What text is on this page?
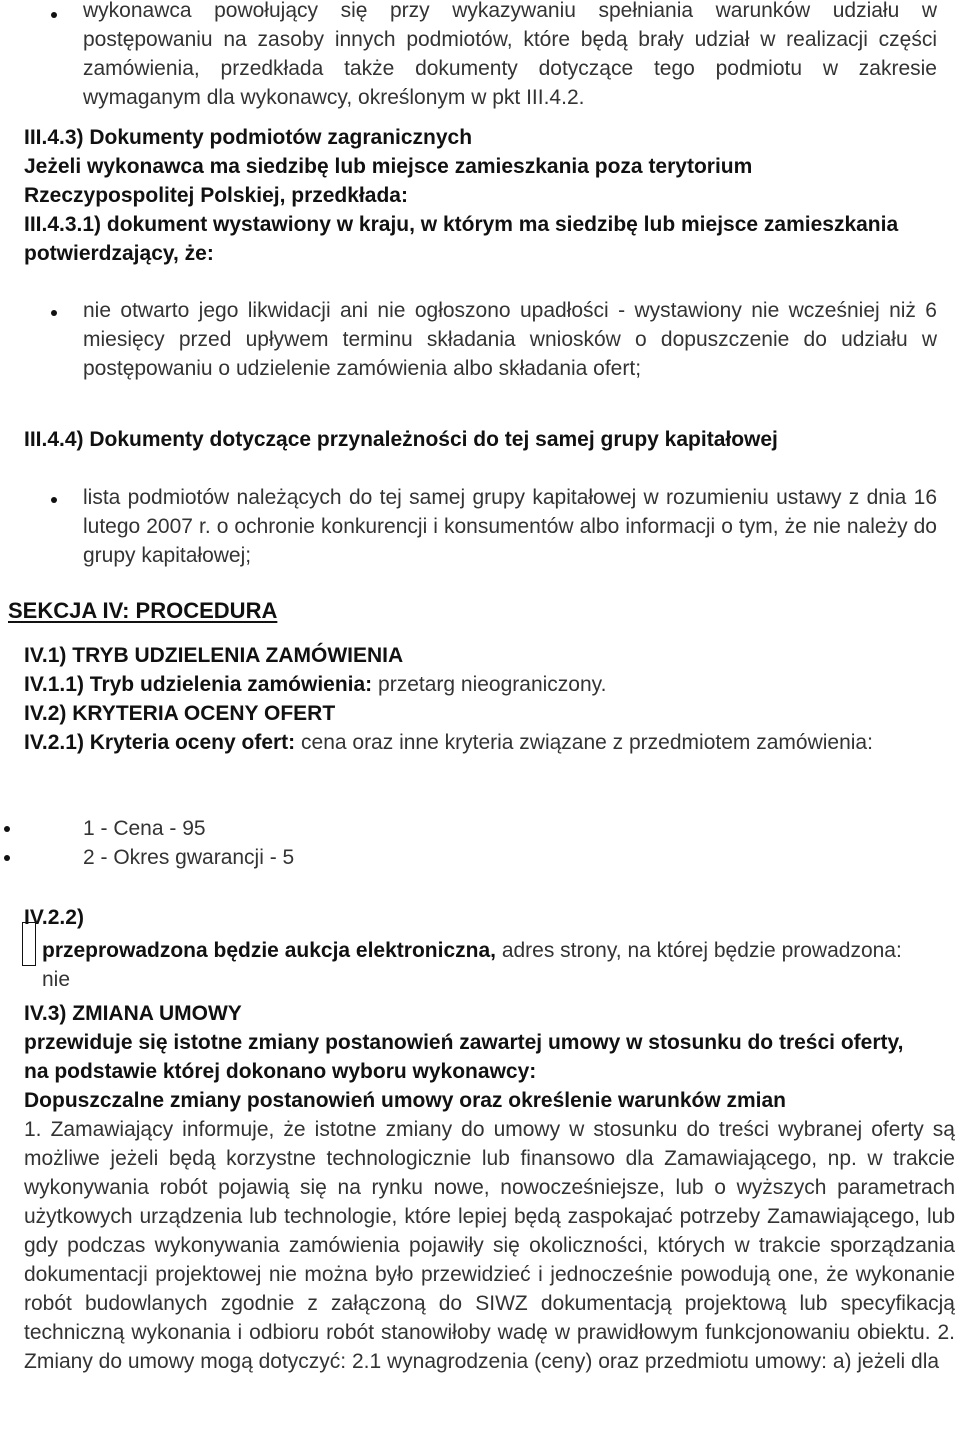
wykonawca powołujący się przy wykazywaniu spełniania warunków udziału w postępowaniu na zasoby innych podmiotów, które będą brały udział w realizacji części zamówienia, przedkłada także dokumenty dotyczące tego podmiotu w zakresie wymaganym dla wykonawcy, określonym w pkt III.4.2.

III.4.3) Dokumenty podmiotów zagranicznych

Jeżeli wykonawca ma siedzibę lub miejsce zamieszkania poza terytorium Rzeczypospolitej Polskiej, przedkłada:

III.4.3.1) dokument wystawiony w kraju, w którym ma siedzibę lub miejsce zamieszkania potwierdzający, że:

nie otwarto jego likwidacji ani nie ogłoszono upadłości - wystawiony nie wcześniej niż 6 miesięcy przed upływem terminu składania wniosków o dopuszczenie do udziału w postępowaniu o udzielenie zamówienia albo składania ofert;

III.4.4) Dokumenty dotyczące przynależności do tej samej grupy kapitałowej

lista podmiotów należących do tej samej grupy kapitałowej w rozumieniu ustawy z dnia 16 lutego 2007 r. o ochronie konkurencji i konsumentów albo informacji o tym, że nie należy do grupy kapitałowej;

SEKCJA IV: PROCEDURA

IV.1) TRYB UDZIELENIA ZAMÓWIENIA

IV.1.1) Tryb udzielenia zamówienia: przetarg nieograniczony.

IV.2) KRYTERIA OCENY OFERT

IV.2.1) Kryteria oceny ofert: cena oraz inne kryteria związane z przedmiotem zamówienia:

1 - Cena - 95

2 - Okres gwarancji - 5

IV.2.2)

przeprowadzona będzie aukcja elektroniczna, adres strony, na której będzie prowadzona: nie

IV.3) ZMIANA UMOWY

przewiduje się istotne zmiany postanowień zawartej umowy w stosunku do treści oferty, na podstawie której dokonano wyboru wykonawcy:

Dopuszczalne zmiany postanowień umowy oraz określenie warunków zmian

1. Zamawiający informuje, że istotne zmiany do umowy w stosunku do treści wybranej oferty są możliwe jeżeli będą korzystne technologicznie lub finansowo dla Zamawiającego, np. w trakcie wykonywania robót pojawią się na rynku nowe, nowocześniejsze, lub o wyższych parametrach użytkowych urządzenia lub technologie, które lepiej będą zaspokajać potrzeby Zamawiającego, lub gdy podczas wykonywania zamówienia pojawiły się okoliczności, których w trakcie sporządzania dokumentacji projektowej nie można było przewidzieć i jednocześnie powodują one, że wykonanie robót budowlanych zgodnie z załączoną do SIWZ dokumentacją projektową lub specyfikacją techniczną wykonania i odbioru robót stanowiłoby wadę w prawidłowym funkcjonowaniu obiektu. 2. Zmiany do umowy mogą dotyczyć: 2.1 wynagrodzenia (ceny) oraz przedmiotu umowy: a) jeżeli dla
